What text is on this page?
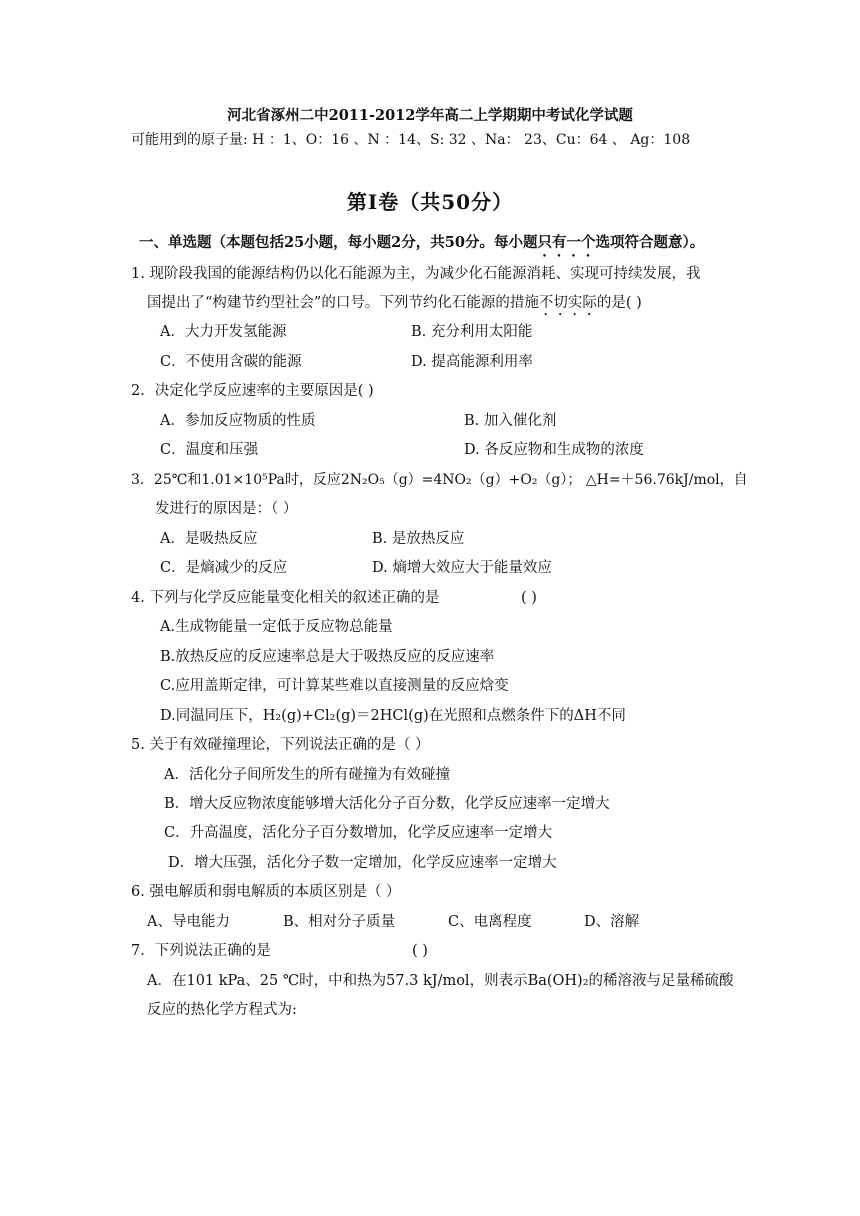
河北省涿州二中2011-2012学年高二上学期期中考试化学试题
可能用到的原子量: H ：1、O：16 、N ：14、S: 32 、Na： 23、Cu：64 、 Ag：108
第Ⅰ卷（共50分）
一、单选题（本题包括25小题，每小题2分，共50分。每小题只有一个选项符合题意）。
1. 现阶段我国的能源结构仍以化石能源为主，为减少化石能源消耗、实现可持续发展，我
国提出了“构建节约型社会”的口号。下列节约化石能源的措施不切实际的是( )
A．大力开发氢能源	B. 充分利用太阳能
C．不使用含碳的能源	D. 提高能源利用率
2．决定化学反应速率的主要原因是( )
A．参加反应物质的性质	B. 加入催化剂
C．温度和压强	D. 各反应物和生成物的浓度
3．25℃和1.01×10⁵Pa时，反应2N₂O₅（g）=4NO₂（g）+O₂（g）； △H=＋56.76kJ/mol，自
发进行的原因是：（ ）
A．是吸热反应	B. 是放热反应
C．是熵减少的反应	D. 熵增大效应大于能量效应
4. 下列与化学反应能量变化相关的叙述正确的是	( )
A.生成物能量一定低于反应物总能量
B.放热反应的反应速率总是大于吸热反应的反应速率
C.应用盖斯定律，可计算某些难以直接测量的反应焓变
D.同温同压下，H₂(g)+Cl₂(g)＝2HCl(g)在光照和点燃条件下的ΔH不同
5. 关于有效碰撞理论，下列说法正确的是（ ）
A．活化分子间所发生的所有碰撞为有效碰撞
B．增大反应物浓度能够增大活化分子百分数，化学反应速率一定增大
C．升高温度，活化分子百分数增加，化学反应速率一定增大
D．增大压强，活化分子数一定增加，化学反应速率一定增大
6. 强电解质和弱电解质的本质区别是（ ）
A、导电能力	B、相对分子质量	C、电离程度	D、溶解
7．下列说法正确的是	( )
A．在101 kPa、25 ℃时，中和热为57.3 kJ/mol，则表示Ba(OH)₂的稀溶液与足量稀硫酸
反应的热化学方程式为:
